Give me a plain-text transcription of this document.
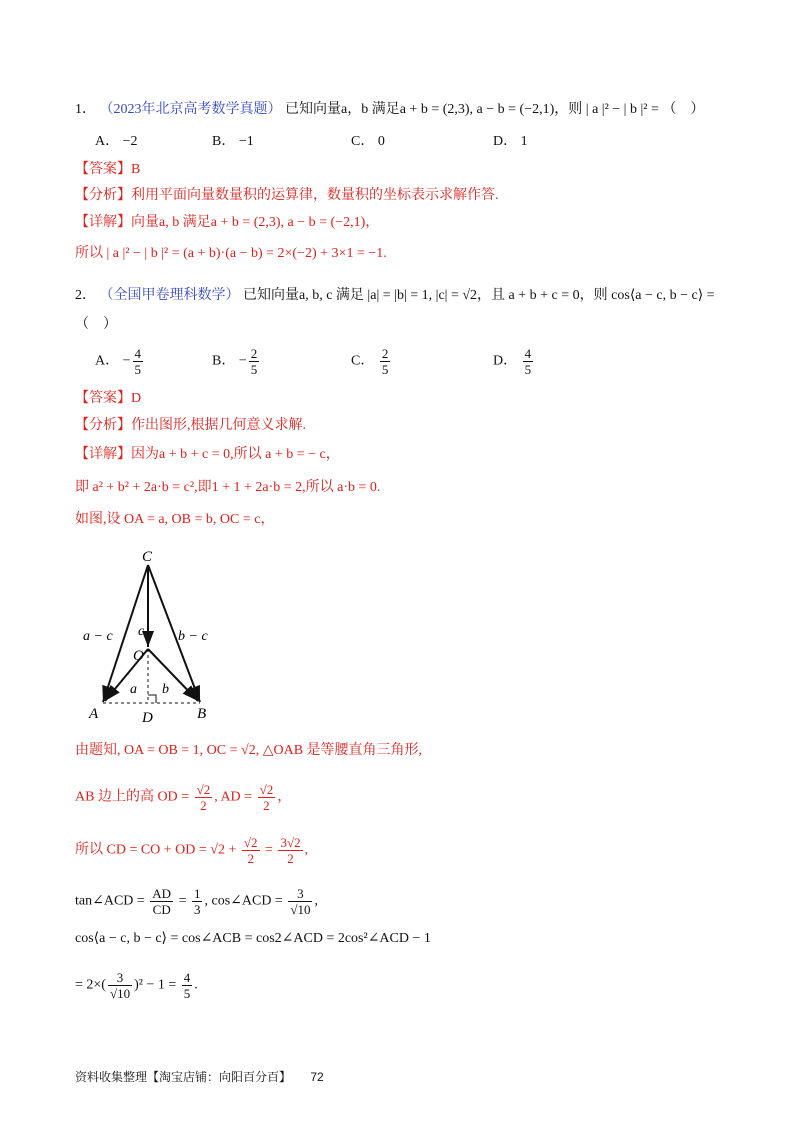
1． （2023年北京高考数学真题） 已知向量a，b 满足a + b = (2,3), a − b = (−2,1)，则 | a |² − | b |² = （　）
A． −2	B． −1	C． 0	D． 1
【答案】B
【分析】利用平面向量数量积的运算律，数量积的坐标表示求解作答.
【详解】向量a, b 满足a + b = (2,3), a − b = (−2,1)，
所以 | a |² − | b |² = (a + b)·(a − b) = 2×(−2) + 3×1 = −1.
2． （全国甲卷理科数学） 已知向量a, b, c 满足 |a| = |b| = 1, |c| = √2，且 a + b + c = 0，则 cos⟨a − c, b − c⟩ =
（　）
A． − $\frac{4}{5}$	B． − $\frac{2}{5}$	C． $\frac{2}{5}$	D． $\frac{4}{5}$
【答案】D
【分析】作出图形,根据几何意义求解.
【详解】因为a + b + c = 0,所以 a + b = − c，
即 a² + b² + 2a·b = c²,即1 + 1 + 2a·b = 2,所以 a·b = 0.
如图,设 OA = a, OB = b, OC = c，
C
O
A	B
D
a − c c b − c
a b
由题知, OA = OB = 1, OC = √2, △OAB 是等腰直角三角形,
AB 边上的高 OD = $\frac{√2}{2}$ , AD = $\frac{√2}{2}$ ，
所以 CD = CO + OD = $√2 + \frac{√2}{2} = \frac{3√2}{2}$ ,
tan∠ACD = $\frac{AD}{CD} = \frac{1}{3}$ , cos∠ACD = $\frac{3}{√10}$ ,
cos⟨a − c, b − c⟩ = cos∠ACB = cos2∠ACD = 2cos²∠ACD − 1
= $2\times( \frac{3}{√10} )^2 - 1 = \frac{4}{5}$ .
资料收集整理【淘宝店铺：向阳百分百】 72
